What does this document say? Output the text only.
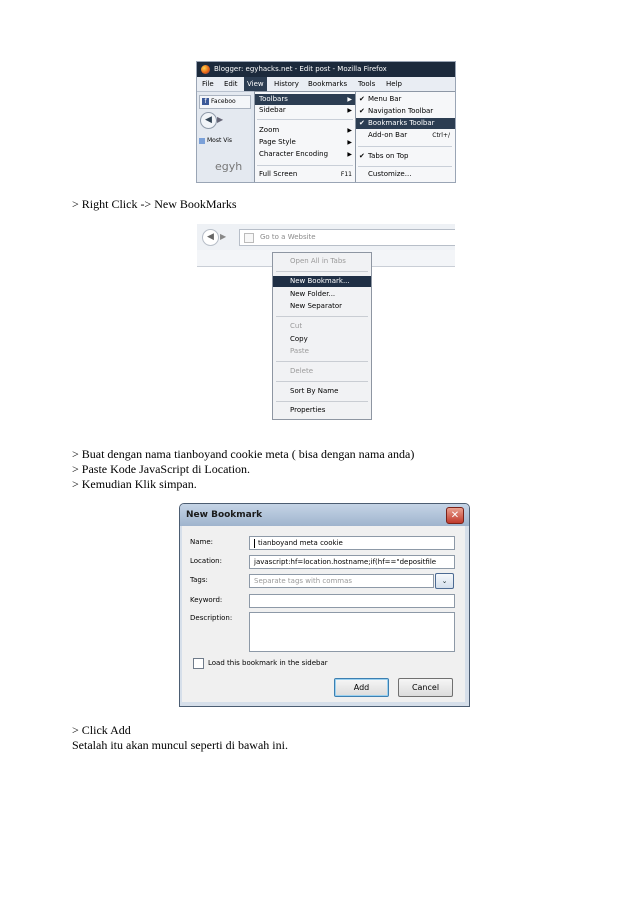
Blogger: egyhacks.net - Edit post - Mozilla Firefox
File Edit	View	History Bookmarks Tools Help
f Faceboo
◀ ▶
Most Vis
egyh
Toolbars	▶
Sidebar	▶
Zoom	▶
Page Style	▶
Character Encoding	▶
Full Screen	F11
✔ Menu Bar
✔ Navigation Toolbar
✔ Bookmarks Toolbar
Add-on Bar	Ctrl+/
✔ Tabs on Top
Customize...
> Right Click -> New BookMarks
◀ ▶	Go to a Website
Open All in Tabs
New Bookmark...
New Folder...
New Separator
Cut
Copy
Paste
Delete
Sort By Name
Properties
> Buat dengan nama tianboyand cookie meta ( bisa dengan nama anda)
> Paste Kode JavaScript di Location.
> Kemudian Klik simpan.
New Bookmark	✕
Name:	tianboyand meta cookie
Location:	javascript:hf=location.hostname;if(hf=="depositfile
Tags:	Separate tags with commas	⌄
Keyword:
Description:
Load this bookmark in the sidebar
Add	Cancel
> Click Add
Setalah itu akan muncul seperti di bawah ini.
